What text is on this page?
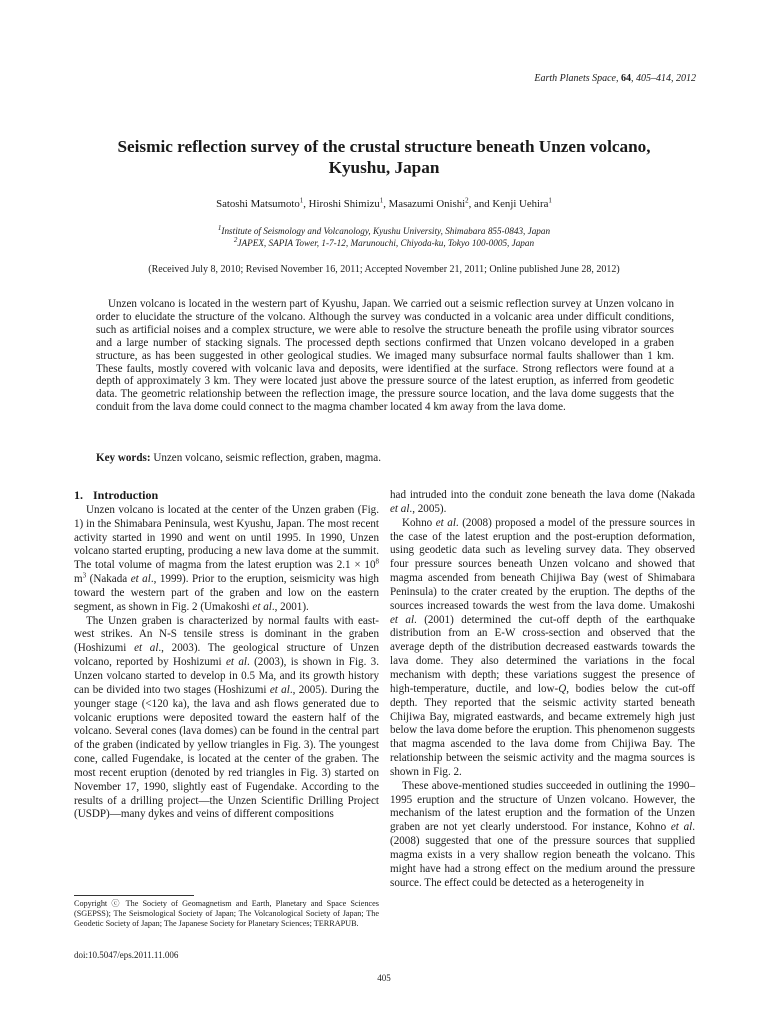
Earth Planets Space, 64, 405–414, 2012
Seismic reflection survey of the crustal structure beneath Unzen volcano,
Kyushu, Japan
Satoshi Matsumoto$^1$, Hiroshi Shimizu$^1$, Masazumi Onishi$^2$, and Kenji Uehira$^1$
$^1$Institute of Seismology and Volcanology, Kyushu University, Shimabara 855-0843, Japan
$^2$JAPEX, SAPIA Tower, 1-7-12, Marunouchi, Chiyoda-ku, Tokyo 100-0005, Japan
(Received July 8, 2010; Revised November 16, 2011; Accepted November 21, 2011; Online published June 28, 2012)
Unzen volcano is located in the western part of Kyushu, Japan. We carried out a seismic reflection survey at Unzen volcano in order to elucidate the structure of the volcano. Although the survey was conducted in a volcanic area under difficult conditions, such as artificial noises and a complex structure, we were able to resolve the structure beneath the profile using vibrator sources and a large number of stacking signals. The processed depth sections confirmed that Unzen volcano developed in a graben structure, as has been suggested in other geological studies. We imaged many subsurface normal faults shallower than 1 km. These faults, mostly covered with volcanic lava and deposits, were identified at the surface. Strong reflectors were found at a depth of approximately 3 km. They were located just above the pressure source of the latest eruption, as inferred from geodetic data. The geometric relationship between the reflection image, the pressure source location, and the lava dome suggests that the conduit from the lava dome could connect to the magma chamber located 4 km away from the lava dome.
Key words: Unzen volcano, seismic reflection, graben, magma.
1. Introduction

Unzen volcano is located at the center of the Unzen graben (Fig. 1) in the Shimabara Peninsula, west Kyushu, Japan. The most recent activity started in 1990 and went on until 1995. In 1990, Unzen volcano started erupting, producing a new lava dome at the summit. The total volume of magma from the latest eruption was $2.1 \times 10^8$ $m^3$ (Nakada et al., 1999). Prior to the eruption, seismicity was high toward the western part of the graben and low on the eastern segment, as shown in Fig. 2 (Umakoshi et al., 2001).

The Unzen graben is characterized by normal faults with east-west strikes. An N-S tensile stress is dominant in the graben (Hoshizumi et al., 2003). The geological structure of Unzen volcano, reported by Hoshizumi et al. (2003), is shown in Fig. 3. Unzen volcano started to develop in 0.5 Ma, and its growth history can be divided into two stages (Hoshizumi et al., 2005). During the younger stage (<120 ka), the lava and ash flows generated due to volcanic eruptions were deposited toward the eastern half of the volcano. Several cones (lava domes) can be found in the central part of the graben (indicated by yellow triangles in Fig. 3). The youngest cone, called Fugendake, is located at the center of the graben. The most recent eruption (denoted by red triangles in Fig. 3) started on November 17, 1990, slightly east of Fugendake. According to the results of a drilling project—the Unzen Scientific Drilling Project (USDP)—many dykes and veins of different compositions

had intruded into the conduit zone beneath the lava dome (Nakada et al., 2005).

Kohno et al. (2008) proposed a model of the pressure sources in the case of the latest eruption and the post-eruption deformation, using geodetic data such as leveling survey data. They observed four pressure sources beneath Unzen volcano and showed that magma ascended from beneath Chijiwa Bay (west of Shimabara Peninsula) to the crater created by the eruption. The depths of the sources increased towards the west from the lava dome. Umakoshi et al. (2001) determined the cut-off depth of the earthquake distribution from an E-W cross-section and observed that the average depth of the distribution decreased eastwards towards the lava dome. They also determined the variations in the focal mechanism with depth; these variations suggest the presence of high-temperature, ductile, and low-Q, bodies below the cut-off depth. They reported that the seismic activity started beneath Chijiwa Bay, migrated eastwards, and became extremely high just below the lava dome before the eruption. This phenomenon suggests that magma ascended to the lava dome from Chijiwa Bay. The relationship between the seismic activity and the magma sources is shown in Fig. 2.

These above-mentioned studies succeeded in outlining the 1990–1995 eruption and the structure of Unzen volcano. However, the mechanism of the latest eruption and the formation of the Unzen graben are not yet clearly understood. For instance, Kohno et al. (2008) suggested that one of the pressure sources that supplied magma exists in a very shallow region beneath the volcano. This might have had a strong effect on the medium around the pressure source. The effect could be detected as a heterogeneity in

Copyright ⓒ The Society of Geomagnetism and Earth, Planetary and Space Sciences (SGEPSS); The Seismological Society of Japan; The Volcanological Society of Japan; The Geodetic Society of Japan; The Japanese Society for Planetary Sciences; TERRAPUB.
doi:10.5047/eps.2011.11.006
405
